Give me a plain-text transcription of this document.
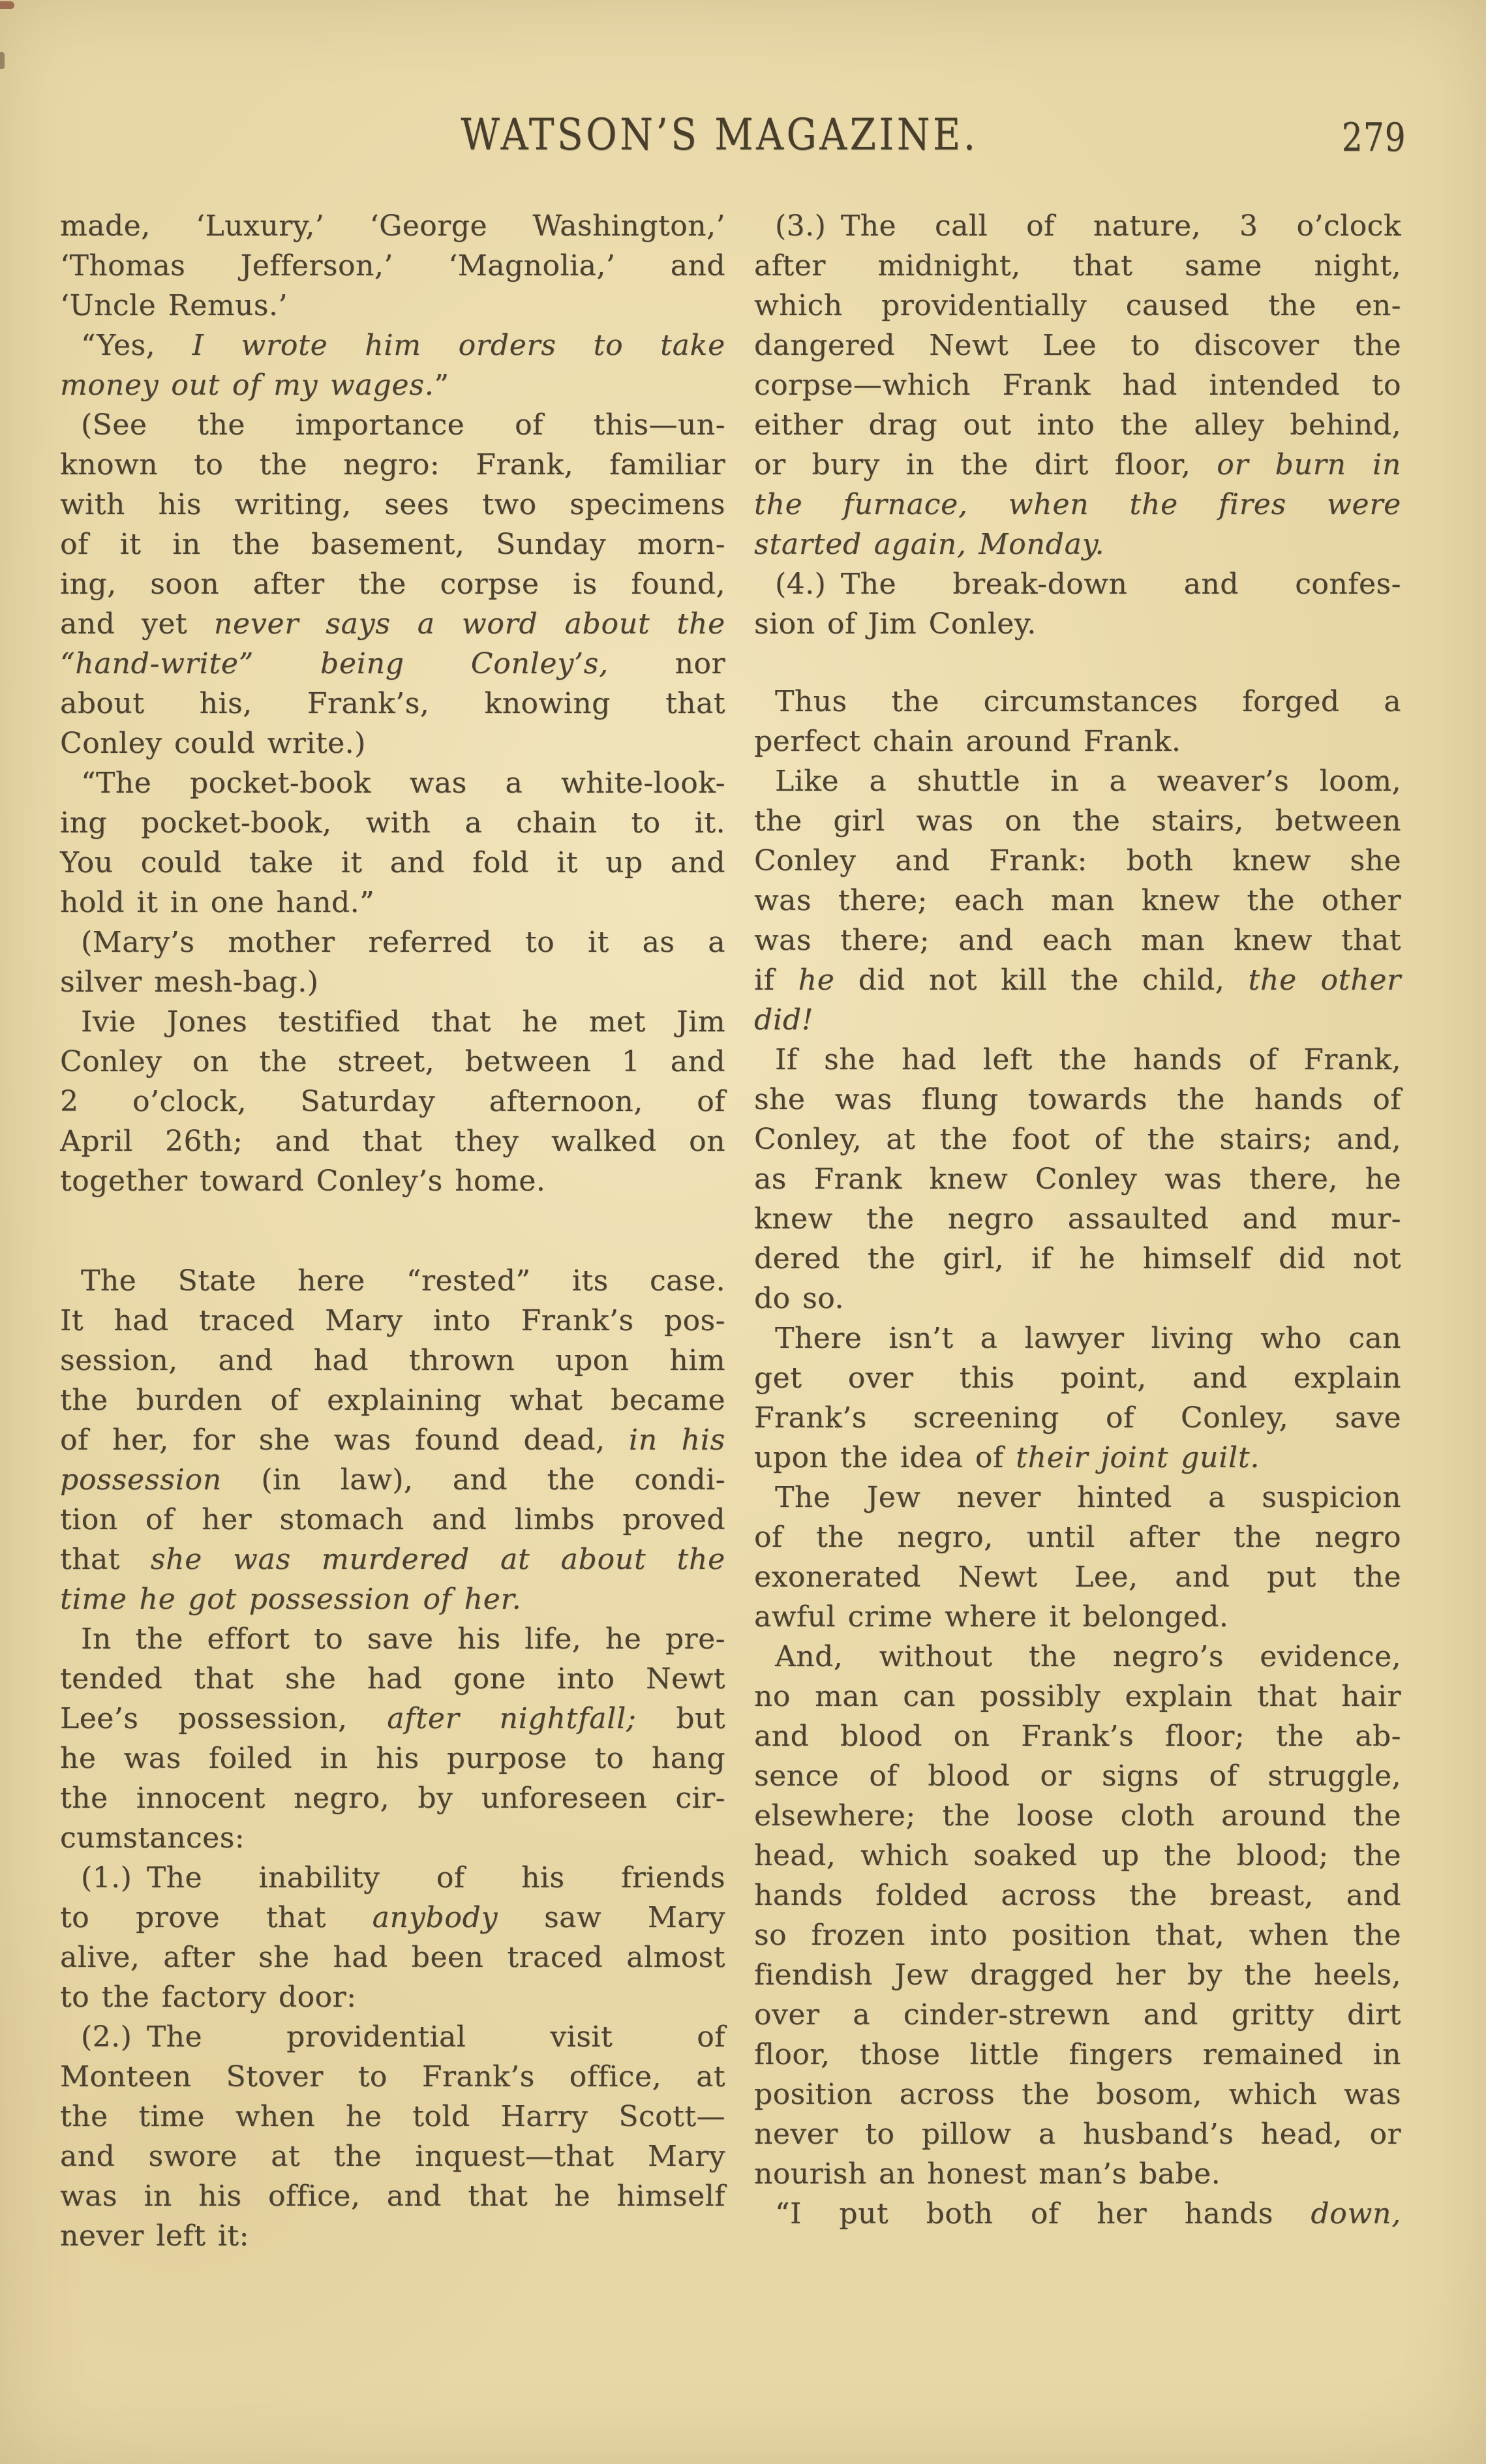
WATSON’S MAGAZINE.	279
made, ‘Luxury,’ ‘George Washington,’
‘Thomas Jefferson,’ ‘Magnolia,’ and
‘Uncle Remus.’
“Yes, I wrote him orders to take
money out of my wages.”
(See the importance of this—un-
known to the negro: Frank, familiar
with his writing, sees two specimens
of it in the basement, Sunday morn-
ing, soon after the corpse is found,
and yet never says a word about the
“hand-write” being Conley’s, nor
about his, Frank’s, knowing that
Conley could write.)
“The pocket-book was a white-look-
ing pocket-book, with a chain to it.
You could take it and fold it up and
hold it in one hand.”
(Mary’s mother referred to it as a
silver mesh-bag.)
Ivie Jones testified that he met Jim
Conley on the street, between 1 and
2 o’clock, Saturday afternoon, of
April 26th; and that they walked on
together toward Conley’s home.
The State here “rested” its case.
It had traced Mary into Frank’s pos-
session, and had thrown upon him
the burden of explaining what became
of her, for she was found dead, in his
possession (in law), and the condi-
tion of her stomach and limbs proved
that she was murdered at about the
time he got possession of her.
In the effort to save his life, he pre-
tended that she had gone into Newt
Lee’s possession, after nightfall; but
he was foiled in his purpose to hang
the innocent negro, by unforeseen cir-
cumstances:
(1.) The inability of his friends
to prove that anybody saw Mary
alive, after she had been traced almost
to the factory door:
(2.) The providential visit of
Monteen Stover to Frank’s office, at
the time when he told Harry Scott—
and swore at the inquest—that Mary
was in his office, and that he himself
never left it:
(3.) The call of nature, 3 o’clock
after midnight, that same night,
which providentially caused the en-
dangered Newt Lee to discover the
corpse—which Frank had intended to
either drag out into the alley behind,
or bury in the dirt floor, or burn in
the furnace, when the fires were
started again, Monday.
(4.) The break-down and confes-
sion of Jim Conley.
Thus the circumstances forged a
perfect chain around Frank.
Like a shuttle in a weaver’s loom,
the girl was on the stairs, between
Conley and Frank: both knew she
was there; each man knew the other
was there; and each man knew that
if he did not kill the child, the other
did!
If she had left the hands of Frank,
she was flung towards the hands of
Conley, at the foot of the stairs; and,
as Frank knew Conley was there, he
knew the negro assaulted and mur-
dered the girl, if he himself did not
do so.
There isn’t a lawyer living who can
get over this point, and explain
Frank’s screening of Conley, save
upon the idea of their joint guilt.
The Jew never hinted a suspicion
of the negro, until after the negro
exonerated Newt Lee, and put the
awful crime where it belonged.
And, without the negro’s evidence,
no man can possibly explain that hair
and blood on Frank’s floor; the ab-
sence of blood or signs of struggle,
elsewhere; the loose cloth around the
head, which soaked up the blood; the
hands folded across the breast, and
so frozen into position that, when the
fiendish Jew dragged her by the heels,
over a cinder-strewn and gritty dirt
floor, those little fingers remained in
position across the bosom, which was
never to pillow a husband’s head, or
nourish an honest man’s babe.
“I put both of her hands down,
